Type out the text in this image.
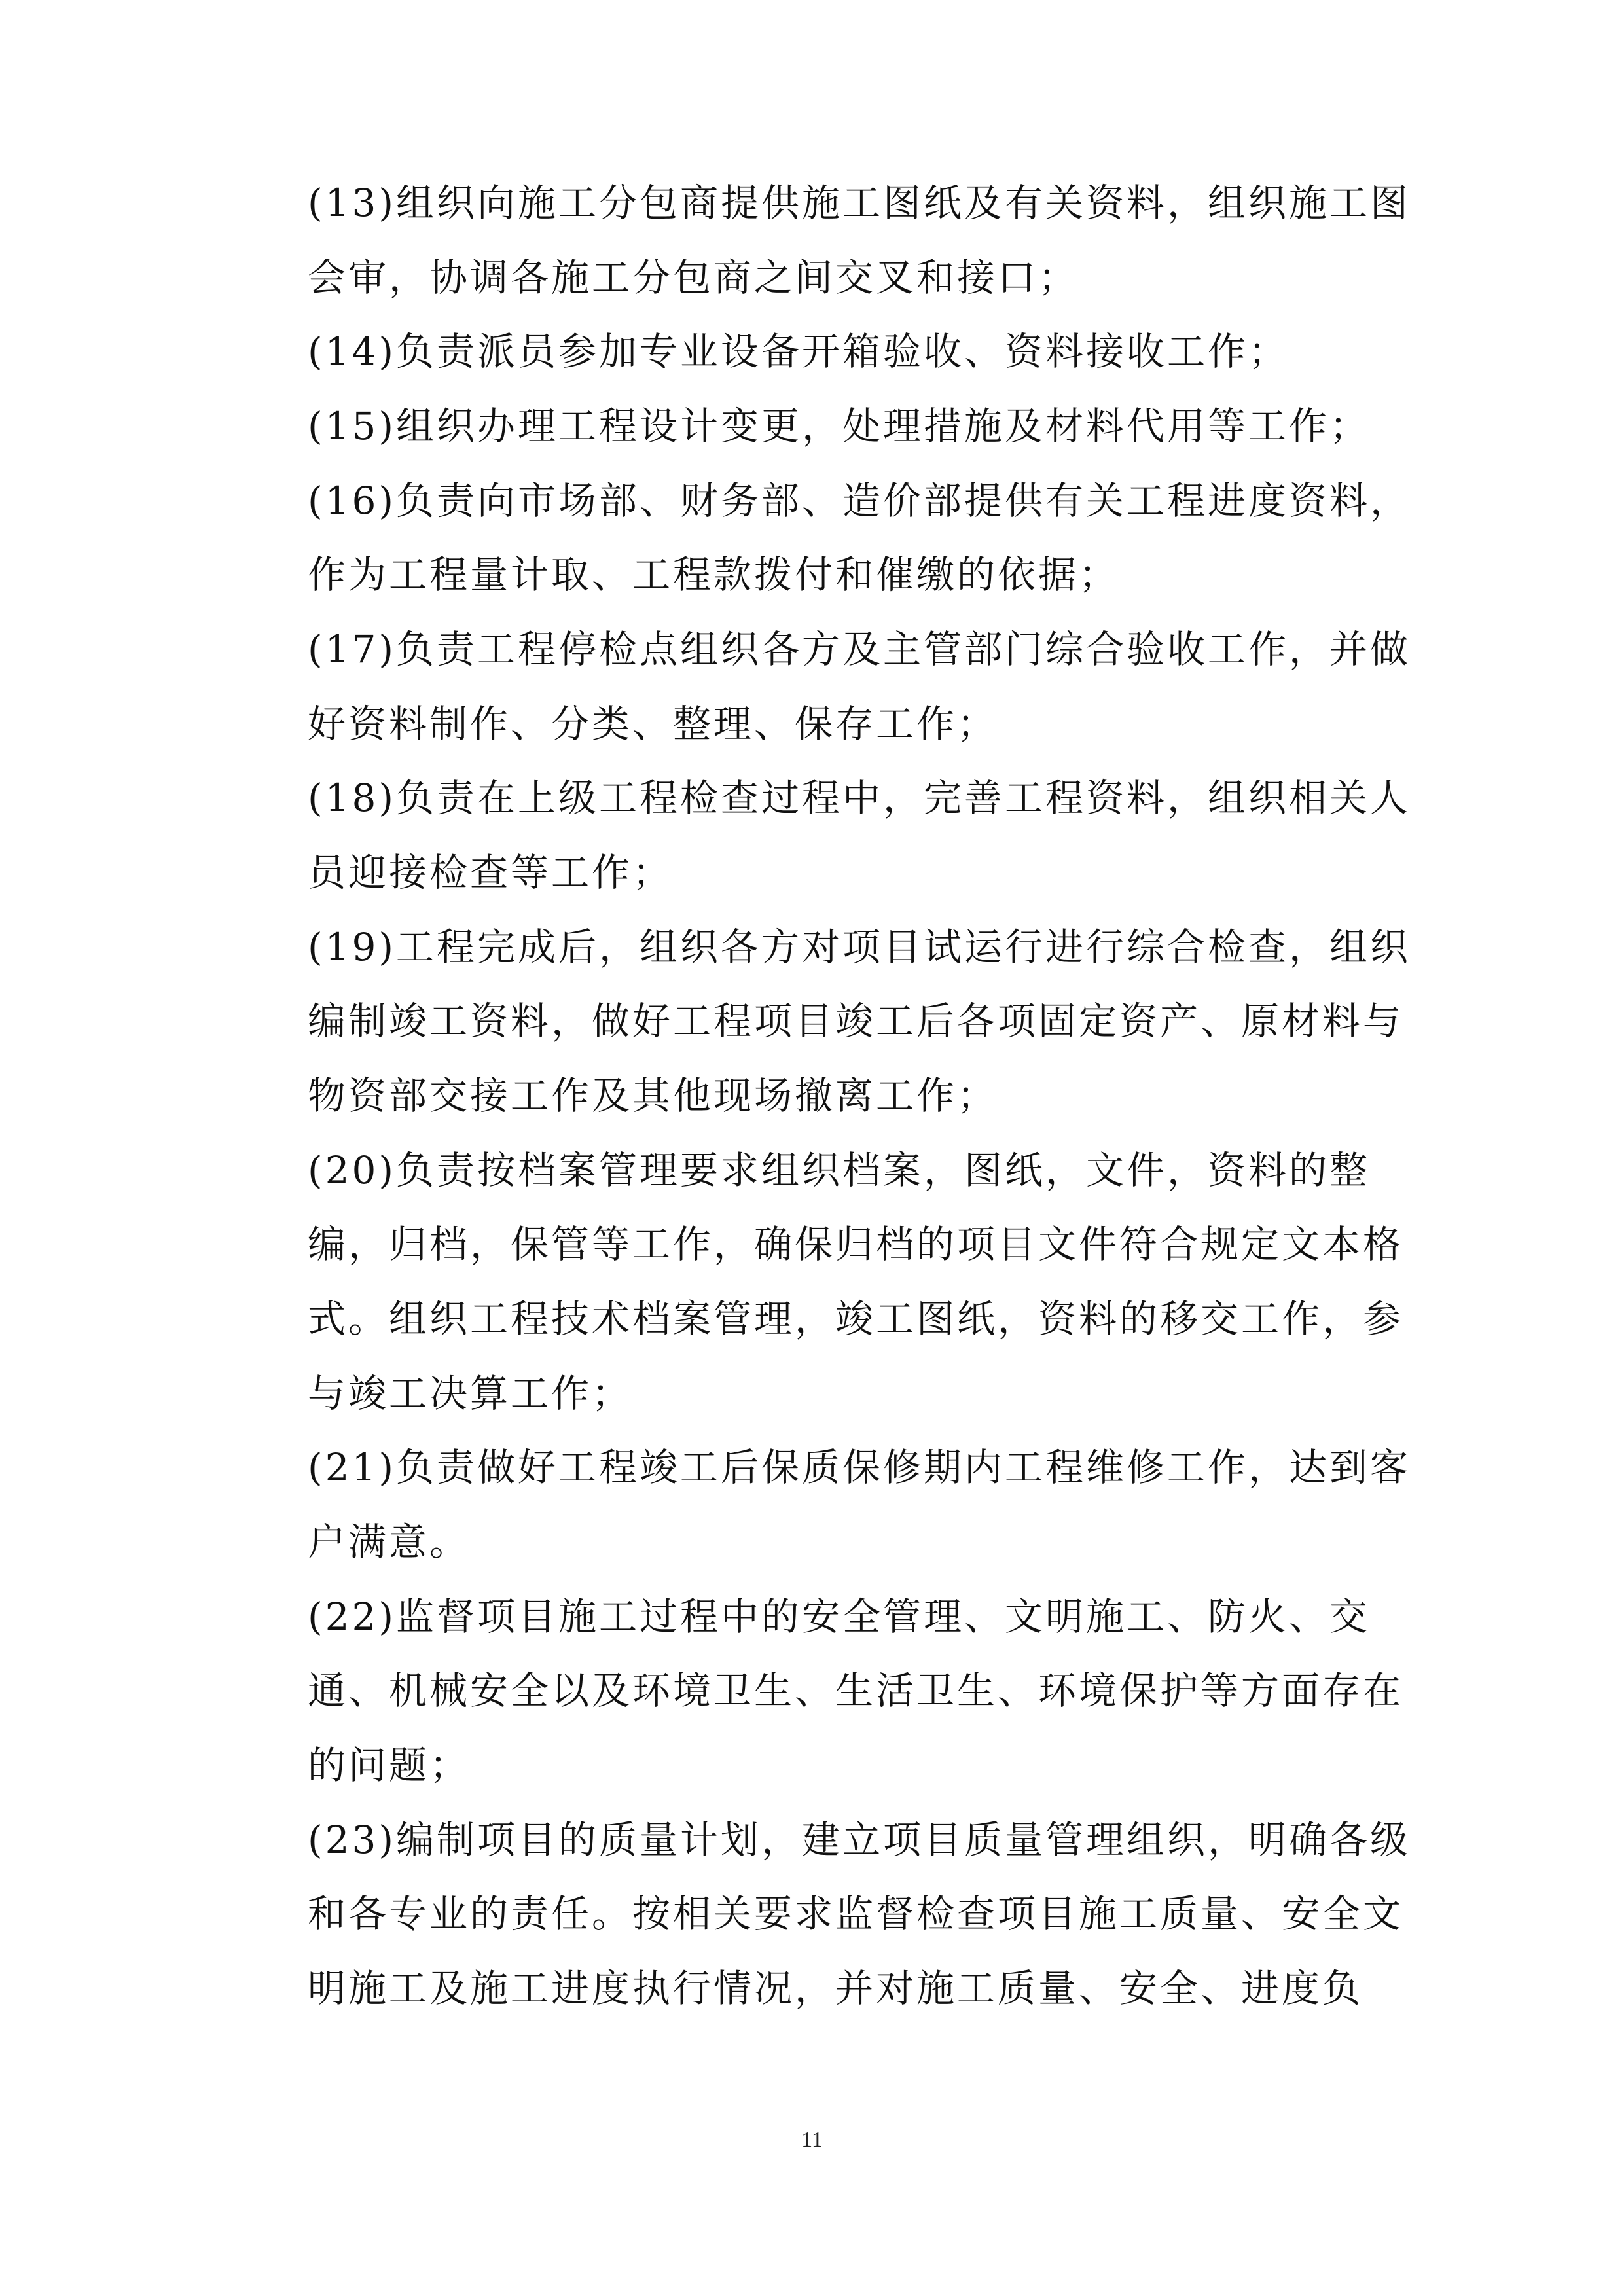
(13)组织向施工分包商提供施工图纸及有关资料，组织施工图
会审，协调各施工分包商之间交叉和接口；
(14)负责派员参加专业设备开箱验收、资料接收工作；
(15)组织办理工程设计变更，处理措施及材料代用等工作；
(16)负责向市场部、财务部、造价部提供有关工程进度资料，
作为工程量计取、工程款拨付和催缴的依据；
(17)负责工程停检点组织各方及主管部门综合验收工作，并做
好资料制作、分类、整理、保存工作；
(18)负责在上级工程检查过程中，完善工程资料，组织相关人
员迎接检查等工作；
(19)工程完成后，组织各方对项目试运行进行综合检查，组织
编制竣工资料，做好工程项目竣工后各项固定资产、原材料与
物资部交接工作及其他现场撤离工作；
(20)负责按档案管理要求组织档案，图纸，文件，资料的整
编，归档，保管等工作，确保归档的项目文件符合规定文本格
式。组织工程技术档案管理，竣工图纸，资料的移交工作，参
与竣工决算工作；
(21)负责做好工程竣工后保质保修期内工程维修工作，达到客
户满意。
(22)监督项目施工过程中的安全管理、文明施工、防火、交
通、机械安全以及环境卫生、生活卫生、环境保护等方面存在
的问题；
(23)编制项目的质量计划，建立项目质量管理组织，明确各级
和各专业的责任。按相关要求监督检查项目施工质量、安全文
明施工及施工进度执行情况，并对施工质量、安全、进度负
11
